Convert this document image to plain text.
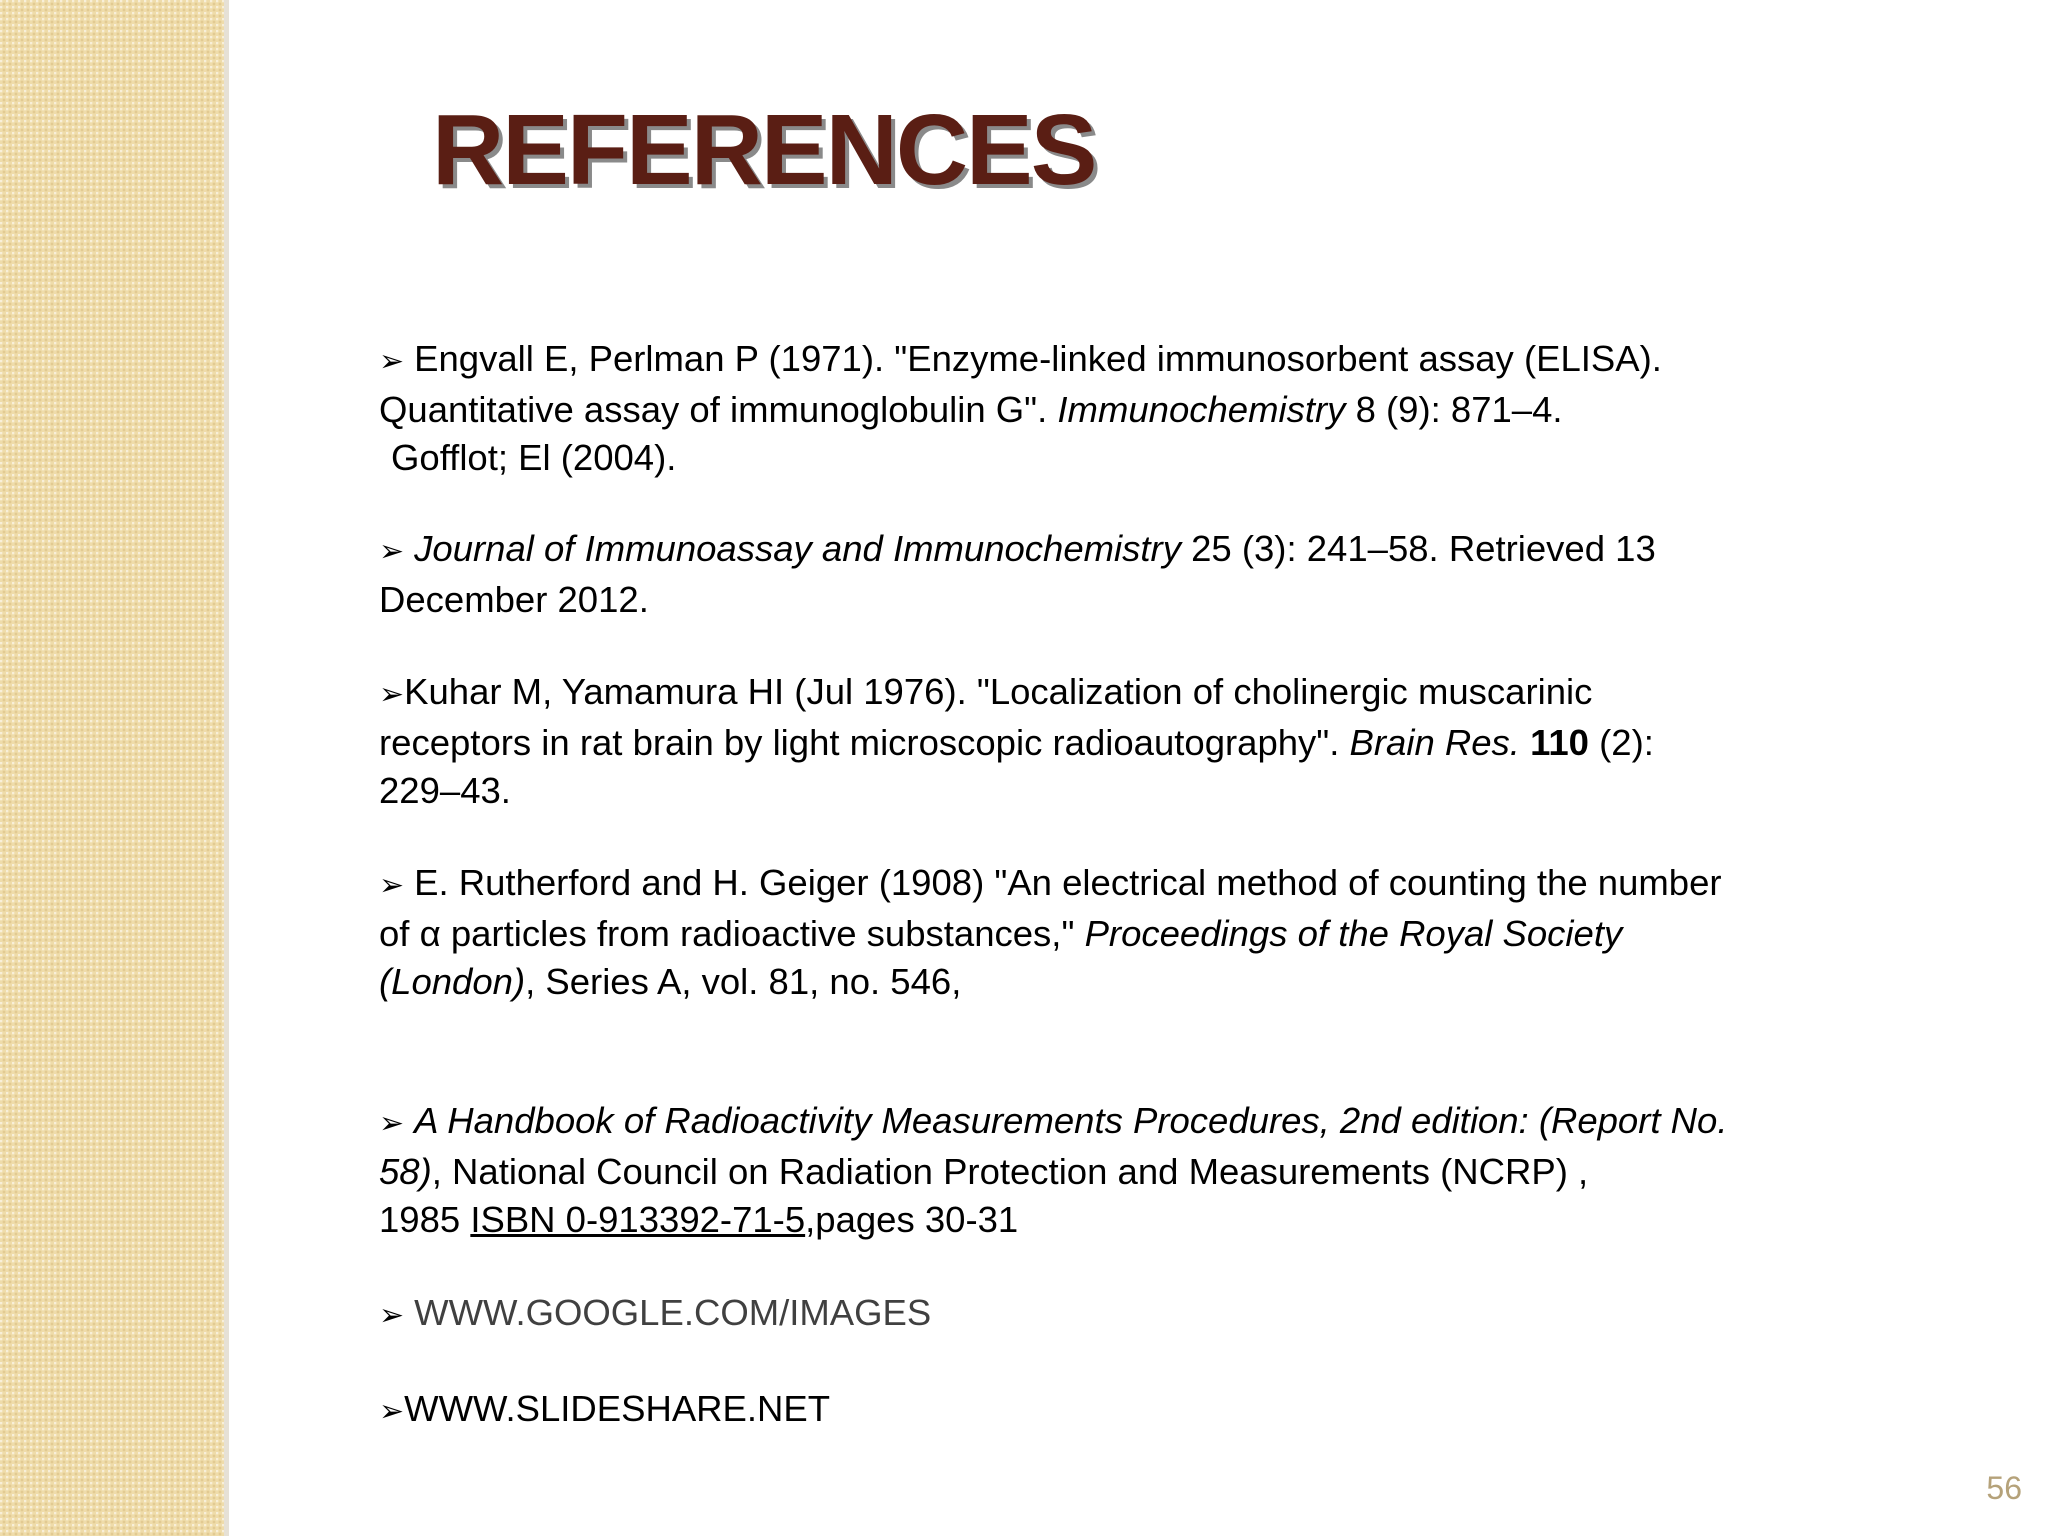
REFERENCES
➢ Engvall E, Perlman P (1971). "Enzyme-linked immunosorbent assay (ELISA).
Quantitative assay of immunoglobulin G". Immunochemistry 8 (9): 871–4.
Gofflot; El (2004).
➢ Journal of Immunoassay and Immunochemistry 25 (3): 241–58. Retrieved 13
December 2012.
➢Kuhar M, Yamamura HI (Jul 1976). "Localization of cholinergic muscarinic
receptors in rat brain by light microscopic radioautography". Brain Res. 110 (2):
229–43.
➢ E. Rutherford and H. Geiger (1908) "An electrical method of counting the number
of α particles from radioactive substances," Proceedings of the Royal Society
(London), Series A, vol. 81, no. 546,
➢ A Handbook of Radioactivity Measurements Procedures, 2nd edition: (Report No.
58), National Council on Radiation Protection and Measurements (NCRP) ,
1985 ISBN 0-913392-71-5,pages 30-31
➢ WWW.GOOGLE.COM/IMAGES
➢WWW.SLIDESHARE.NET
56
